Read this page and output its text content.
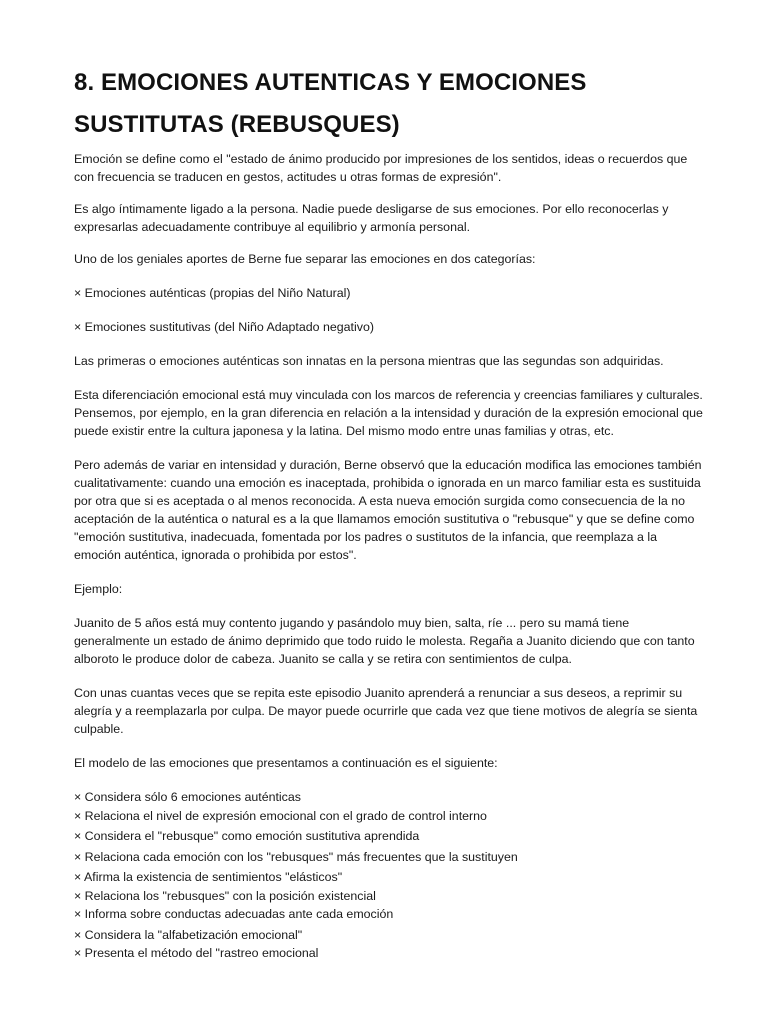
8. EMOCIONES AUTENTICAS Y EMOCIONES SUSTITUTAS (REBUSQUES)

Emoción se define como el "estado de ánimo producido por impresiones de los sentidos, ideas o recuerdos que con frecuencia se traducen en gestos, actitudes u otras formas de expresión".

Es algo íntimamente ligado a la persona. Nadie puede desligarse de sus emociones. Por ello reconocerlas y expresarlas adecuadamente contribuye al equilibrio y armonía personal.

Uno de los geniales aportes de Berne fue separar las emociones en dos categorías:

× Emociones auténticas (propias del Niño Natural)

× Emociones sustitutivas (del Niño Adaptado negativo)

Las primeras o emociones auténticas son innatas en la persona mientras que las segundas son adquiridas.

Esta diferenciación emocional está muy vinculada con los marcos de referencia y creencias familiares y culturales. Pensemos, por ejemplo, en la gran diferencia en relación a la intensidad y duración de la expresión emocional que puede existir entre la cultura japonesa y la latina. Del mismo modo entre unas familias y otras, etc.

Pero además de variar en intensidad y duración, Berne observó que la educación modifica las emociones también cualitativamente: cuando una emoción es inaceptada, prohibida o ignorada en un marco familiar esta es sustituida por otra que si es aceptada o al menos reconocida. A esta nueva emoción surgida como consecuencia de la no aceptación de la auténtica o natural es a la que llamamos emoción sustitutiva o "rebusque" y que se define como "emoción sustitutiva, inadecuada, fomentada por los padres o sustitutos de la infancia, que reemplaza a la emoción auténtica, ignorada o prohibida por estos".

Ejemplo:

Juanito de 5 años está muy contento jugando y pasándolo muy bien, salta, ríe ... pero su mamá tiene generalmente un estado de ánimo deprimido que todo ruido le molesta. Regaña a Juanito diciendo que con tanto alboroto le produce dolor de cabeza. Juanito se calla y se retira con sentimientos de culpa.

Con unas cuantas veces que se repita este episodio Juanito aprenderá a renunciar a sus deseos, a reprimir su alegría y a reemplazarla por culpa. De mayor puede ocurrirle que cada vez que tiene motivos de alegría se sienta culpable.

El modelo de las emociones que presentamos a continuación es el siguiente:

× Considera sólo 6 emociones auténticas
× Relaciona el nivel de expresión emocional con el grado de control interno
× Considera el "rebusque" como emoción sustitutiva aprendida
× Relaciona cada emoción con los "rebusques" más frecuentes que la sustituyen
× Afirma la existencia de sentimientos "elásticos"
× Relaciona los "rebusques" con la posición existencial
× Informa sobre conductas adecuadas ante cada emoción
× Considera la "alfabetización emocional"
× Presenta el método del "rastreo emocional
